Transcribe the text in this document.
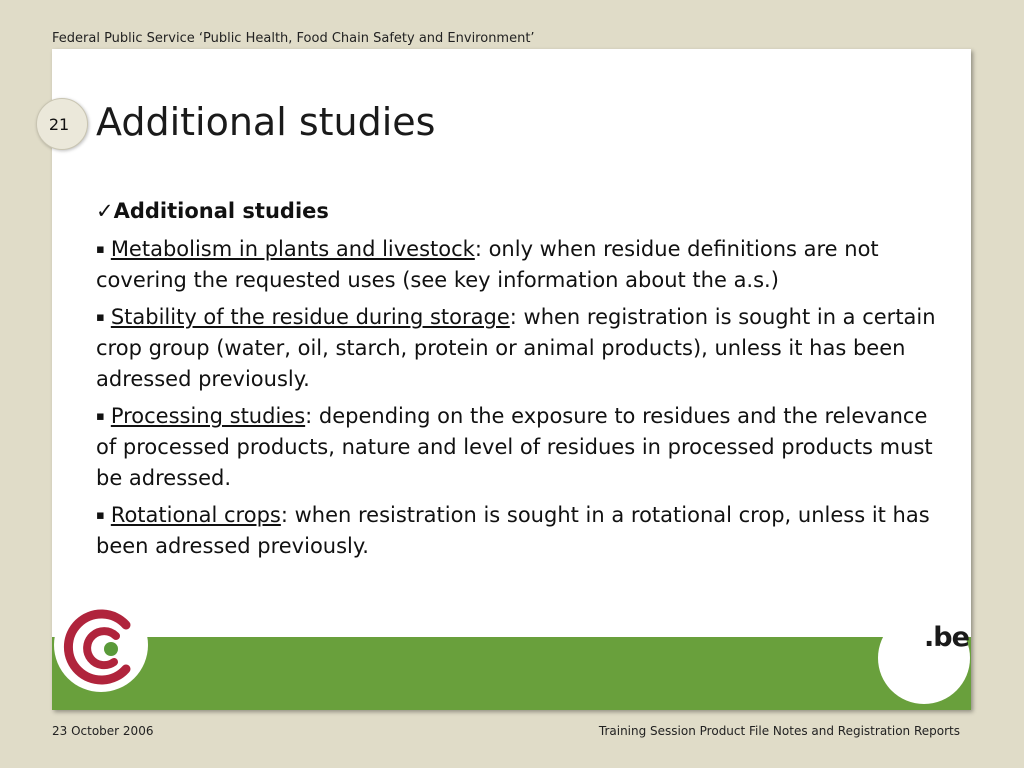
Federal Public Service ‘Public Health, Food Chain Safety and Environment’
21 Additional studies

✓Additional studies

▪ Metabolism in plants and livestock: only when residue definitions are not covering the requested uses (see key information about the a.s.)

▪ Stability of the residue during storage: when registration is sought in a certain crop group (water, oil, starch, protein or animal products), unless it has been adressed previously.

▪ Processing studies: depending on the exposure to residues and the relevance of processed products, nature and level of residues in processed products must be adressed.

▪ Rotational crops: when resistration is sought in a rotational crop, unless it has been adressed previously.

.be
23 October 2006	Training Session Product File Notes and Registration Reports
